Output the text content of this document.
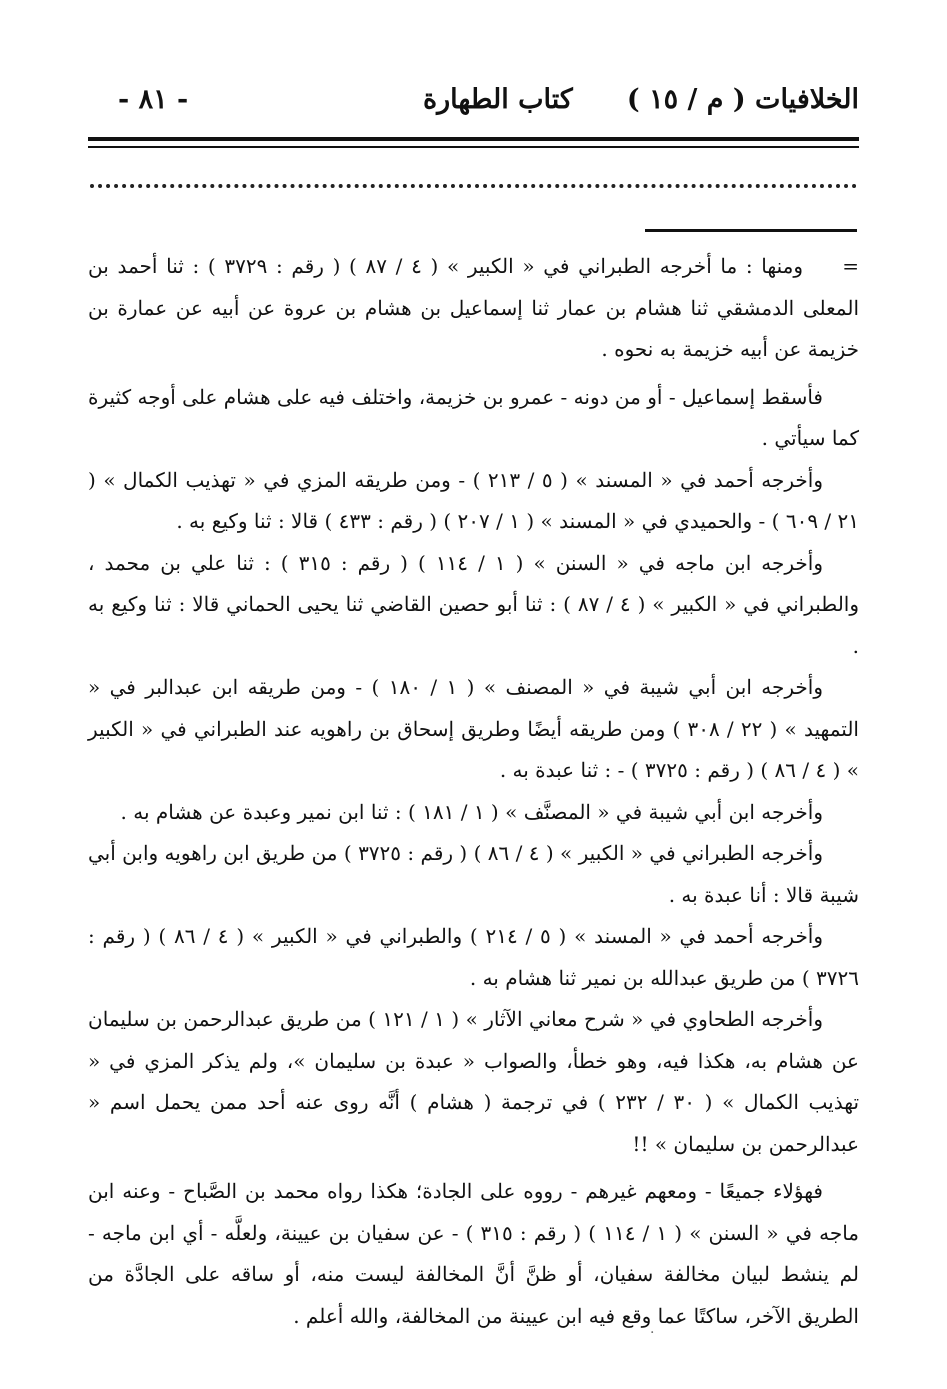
الخلافيات ( م / ١٥ )
كتاب الطهارة
- ٨١ -

=ومنها : ما أخرجه الطبراني في « الكبير » ( ٤ / ٨٧ ) ( رقم : ٣٧٢٩ ) : ثنا أحمد بن المعلى الدمشقي ثنا هشام بن عمار ثنا إسماعيل بن هشام بن عروة عن أبيه عن عمارة بن خزيمة عن أبيه خزيمة به نحوه .

فأسقط إسماعيل - أو من دونه - عمرو بن خزيمة، واختلف فيه على هشام على أوجه كثيرة كما سيأتي .

وأخرجه أحمد في « المسند » ( ٥ / ٢١٣ ) - ومن طريقه المزي في « تهذيب الكمال » ( ٢١ / ٦٠٩ ) - والحميدي في « المسند » ( ١ / ٢٠٧ ) ( رقم : ٤٣٣ ) قالا : ثنا وكيع به .

وأخرجه ابن ماجه في « السنن » ( ١ / ١١٤ ) ( رقم : ٣١٥ ) : ثنا علي بن محمد ، والطبراني في « الكبير » ( ٤ / ٨٧ ) : ثنا أبو حصين القاضي ثنا يحيى الحماني قالا : ثنا وكيع به .

وأخرجه ابن أبي شيبة في « المصنف » ( ١ / ١٨٠ ) - ومن طريقه ابن عبدالبر في « التمهيد » ( ٢٢ / ٣٠٨ ) ومن طريقه أيضًا وطريق إسحاق بن راهويه عند الطبراني في « الكبير » ( ٤ / ٨٦ ) ( رقم : ٣٧٢٥ ) - : ثنا عبدة به .

وأخرجه ابن أبي شيبة في « المصنَّف » ( ١ / ١٨١ ) : ثنا ابن نمير وعبدة عن هشام به .

وأخرجه الطبراني في « الكبير » ( ٤ / ٨٦ ) ( رقم : ٣٧٢٥ ) من طريق ابن راهويه وابن أبي شيبة قالا : أنا عبدة به .

وأخرجه أحمد في « المسند » ( ٥ / ٢١٤ ) والطبراني في « الكبير » ( ٤ / ٨٦ ) ( رقم : ٣٧٢٦ ) من طريق عبدالله بن نمير ثنا هشام به .

وأخرجه الطحاوي في « شرح معاني الآثار » ( ١ / ١٢١ ) من طريق عبدالرحمن بن سليمان عن هشام به، هكذا فيه، وهو خطأ، والصواب « عبدة بن سليمان »، ولم يذكر المزي في « تهذيب الكمال » ( ٣٠ / ٢٣٢ ) في ترجمة ( هشام ) أنَّه روى عنه أحد ممن يحمل اسم « عبدالرحمن بن سليمان » !!

فهؤلاء جميعًا - ومعهم غيرهم - رووه على الجادة؛ هكذا رواه محمد بن الصَّباح - وعنه ابن ماجه في « السنن » ( ١ / ١١٤ ) ( رقم : ٣١٥ ) - عن سفيان بن عيينة، ولعلَّه - أي ابن ماجه - لم ينشط لبيان مخالفة سفيان، أو ظنَّ أنَّ المخالفة ليست منه، أو ساقه على الجادَّة من الطريق الآخر، ساكتًا عما وقع فيه ابن عيينة من المخالفة، والله أعلم .

·
